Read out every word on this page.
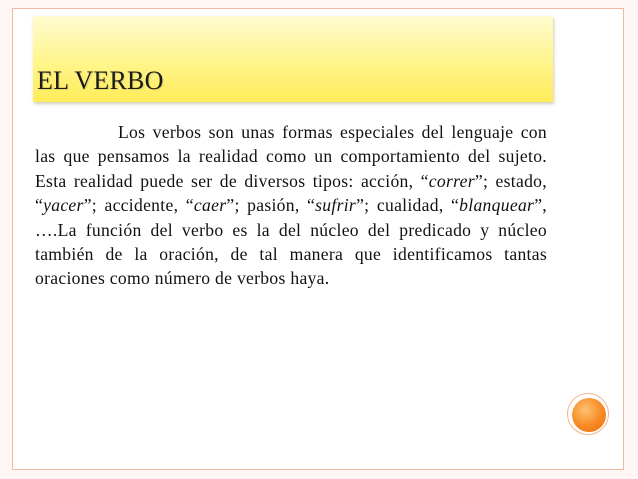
EL VERBO
Los verbos son unas formas especiales del lenguaje con las que pensamos la realidad como un comportamiento del sujeto. Esta realidad puede ser de diversos tipos: acción, “correr”; estado, “yacer”; accidente, “caer”; pasión, “sufrir”; cualidad, “blanquear”, ….La función del verbo es la del núcleo del predicado y núcleo también de la oración, de tal manera que identificamos tantas oraciones como número de verbos haya.
